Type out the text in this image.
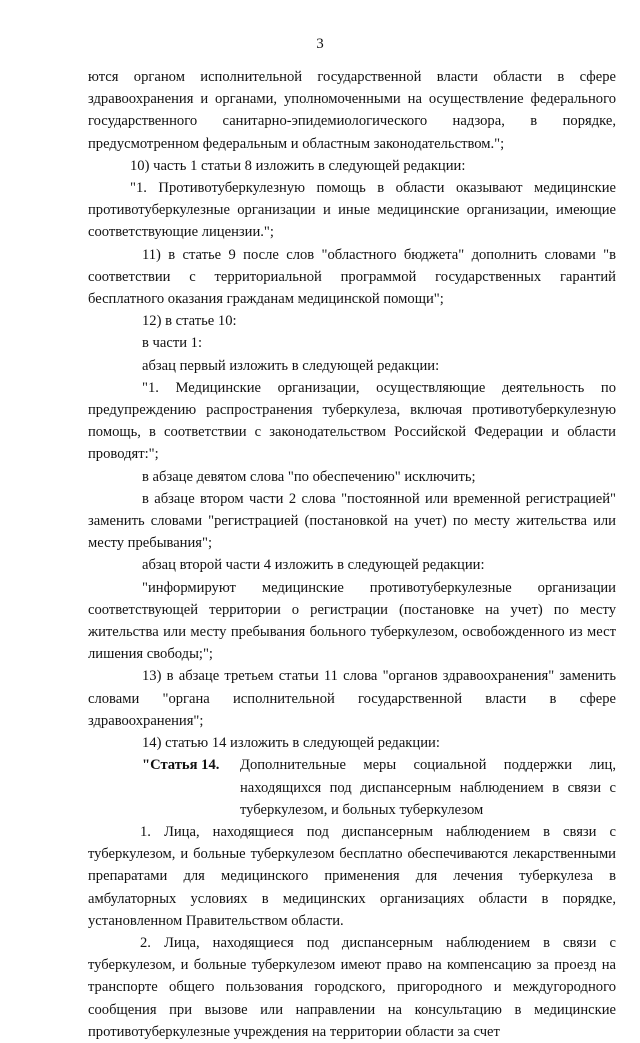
3

ются органом исполнительной государственной власти области в сфере здравоохранения и органами, уполномоченными на осуществление федерального государственного санитарно-эпидемиологического надзора, в порядке, предусмотренном федеральным и областным законодательством.";

10) часть 1 статьи 8 изложить в следующей редакции:

"1. Противотуберкулезную помощь в области оказывают медицинские противотуберкулезные организации и иные медицинские организации, имеющие соответствующие лицензии.";

11) в статье 9 после слов "областного бюджета" дополнить словами "в соответствии с территориальной программой государственных гарантий бесплатного оказания гражданам медицинской помощи";

12) в статье 10:

в части 1:

абзац первый изложить в следующей редакции:

"1. Медицинские организации, осуществляющие деятельность по предупреждению распространения туберкулеза, включая противотуберкулезную помощь, в соответствии с законодательством Российской Федерации и области проводят:";

в абзаце девятом слова "по обеспечению" исключить;

в абзаце втором части 2 слова "постоянной или временной регистрацией" заменить словами "регистрацией (постановкой на учет) по месту жительства или месту пребывания";

абзац второй части 4 изложить в следующей редакции:

"информируют медицинские противотуберкулезные организации соответствующей территории о регистрации (постановке на учет) по месту жительства или месту пребывания больного туберкулезом, освобожденного из мест лишения свободы;";

13) в абзаце третьем статьи 11 слова "органов здравоохранения" заменить словами "органа исполнительной государственной власти в сфере здравоохранения";

14) статью 14 изложить в следующей редакции:

"Статья 14.	Дополнительные меры социальной поддержки лиц, находящихся под диспансерным наблюдением в связи с туберкулезом, и больных туберкулезом

1. Лица, находящиеся под диспансерным наблюдением в связи с туберкулезом, и больные туберкулезом бесплатно обеспечиваются лекарственными препаратами для медицинского применения для лечения туберкулеза в амбулаторных условиях в медицинских организациях области в порядке, установленном Правительством области.

2. Лица, находящиеся под диспансерным наблюдением в связи с туберкулезом, и больные туберкулезом имеют право на компенсацию за проезд на транспорте общего пользования городского, пригородного и междугородного сообщения при вызове или направлении на консультацию в медицинские противотуберкулезные учреждения на территории области за счет
